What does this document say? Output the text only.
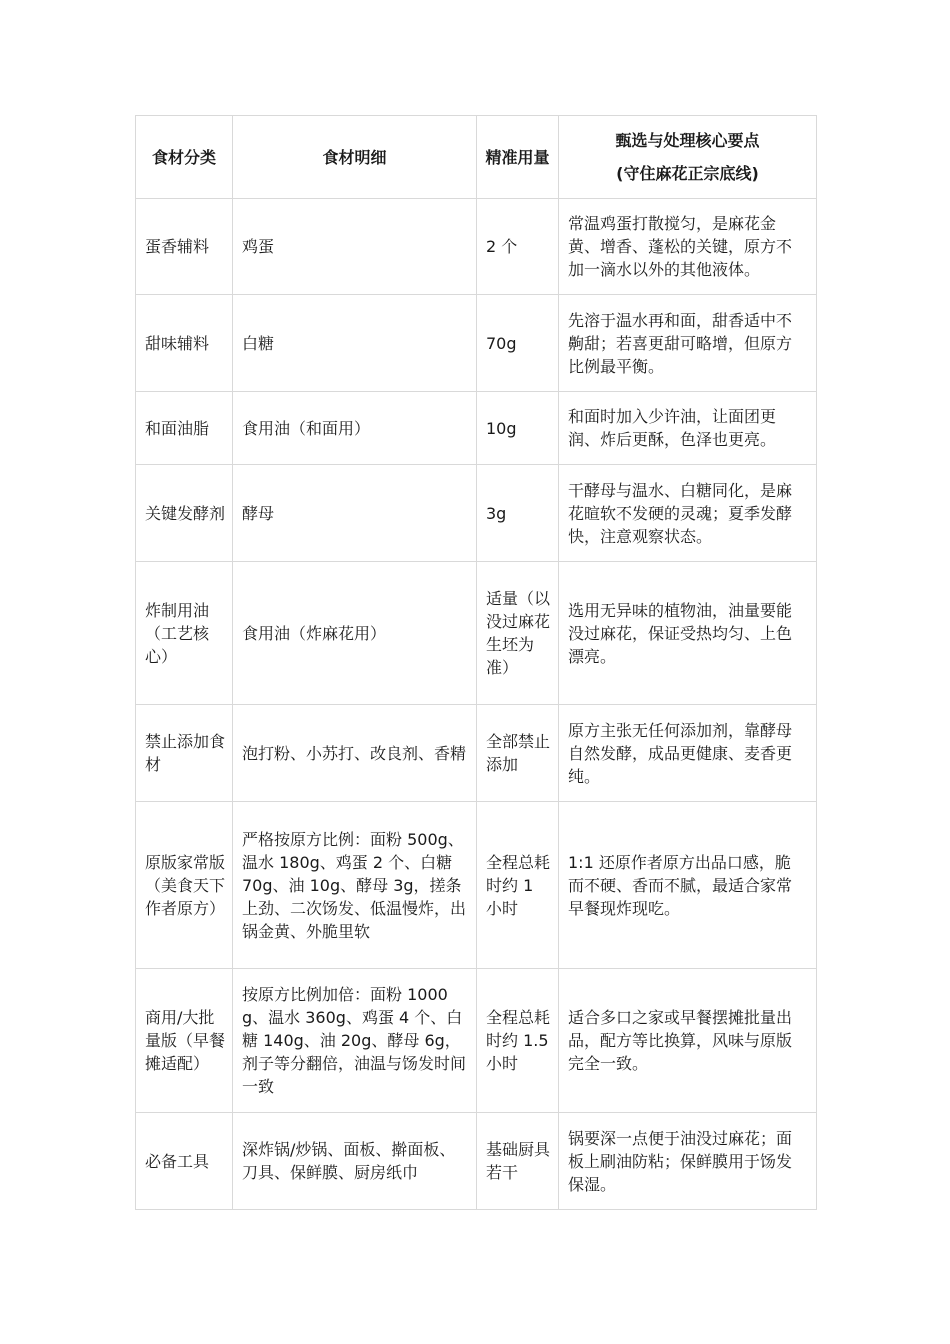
食材分类	食材明细	精准用量	甄选与处理核心要点
(守住麻花正宗底线)

蛋香辅料	鸡蛋	2 个	常温鸡蛋打散搅匀，是麻花金黄、增香、蓬松的关键，原方不加一滴水以外的其他液体。
甜味辅料	白糖	70g	先溶于温水再和面，甜香适中不齁甜；若喜更甜可略增，但原方比例最平衡。
和面油脂	食用油（和面用）	10g	和面时加入少许油，让面团更润、炸后更酥，色泽也更亮。
关键发酵剂	酵母	3g	干酵母与温水、白糖同化，是麻花暄软不发硬的灵魂；夏季发酵快，注意观察状态。
炸制用油（工艺核心）	食用油（炸麻花用）	适量（以没过麻花生坯为准）	选用无异味的植物油，油量要能没过麻花，保证受热均匀、上色漂亮。
禁止添加食材	泡打粉、小苏打、改良剂、香精	全部禁止添加	原方主张无任何添加剂，靠酵母自然发酵，成品更健康、麦香更纯。
原版家常版（美食天下作者原方）	严格按原方比例：面粉 500g、温水 180g、鸡蛋 2 个、白糖 70g、油 10g、酵母 3g，搓条上劲、二次饧发、低温慢炸，出锅金黄、外脆里软	全程总耗时约 1 小时	1:1 还原作者原方出品口感，脆而不硬、香而不腻，最适合家常早餐现炸现吃。
商用/大批量版（早餐摊适配）	按原方比例加倍：面粉 1000g、温水 360g、鸡蛋 4 个、白糖 140g、油 20g、酵母 6g，剂子等分翻倍，油温与饧发时间一致	全程总耗时约 1.5 小时	适合多口之家或早餐摆摊批量出品，配方等比换算，风味与原版完全一致。
必备工具	深炸锅/炒锅、面板、擀面板、刀具、保鲜膜、厨房纸巾	基础厨具若干	锅要深一点便于油没过麻花；面板上刷油防粘；保鲜膜用于饧发保湿。
